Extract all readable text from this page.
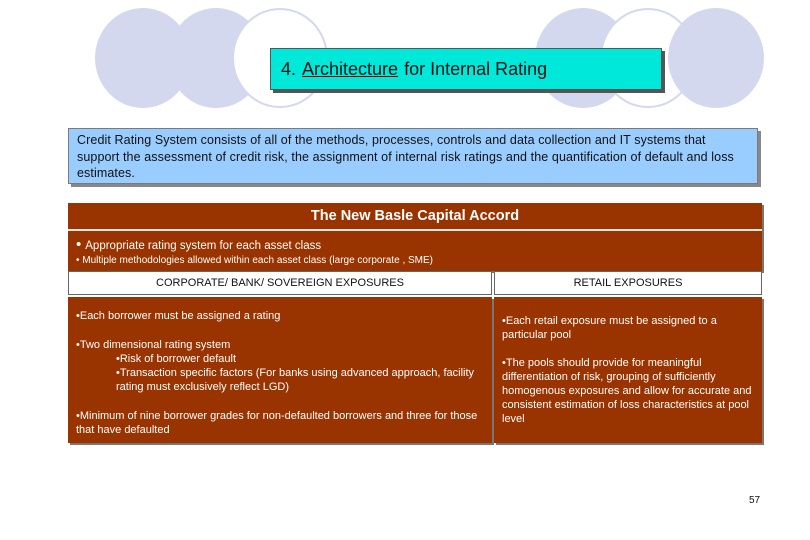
4. Architecture for Internal Rating
Credit Rating System consists of all of the methods, processes, controls and data collection and IT systems that support the assessment of credit risk, the assignment of internal risk ratings and the quantification of default and loss estimates.
The New Basle Capital Accord
• Appropriate rating system for each asset class
• Multiple methodologies allowed within each asset class (large corporate , SME)
CORPORATE/ BANK/ SOVEREIGN EXPOSURES	RETAIL EXPOSURES

•Each borrower must be assigned a rating

•Two dimensional rating system
•Risk of borrower default
•Transaction specific factors (For banks using advanced approach, facility rating must exclusively reflect LGD)

•Minimum of nine borrower grades for non-defaulted borrowers and three for those that have defaulted

•Each retail exposure must be assigned to a particular pool

•The pools should provide for meaningful differentiation of risk, grouping of sufficiently homogenous exposures and allow for accurate and consistent estimation of loss characteristics at pool level

57
